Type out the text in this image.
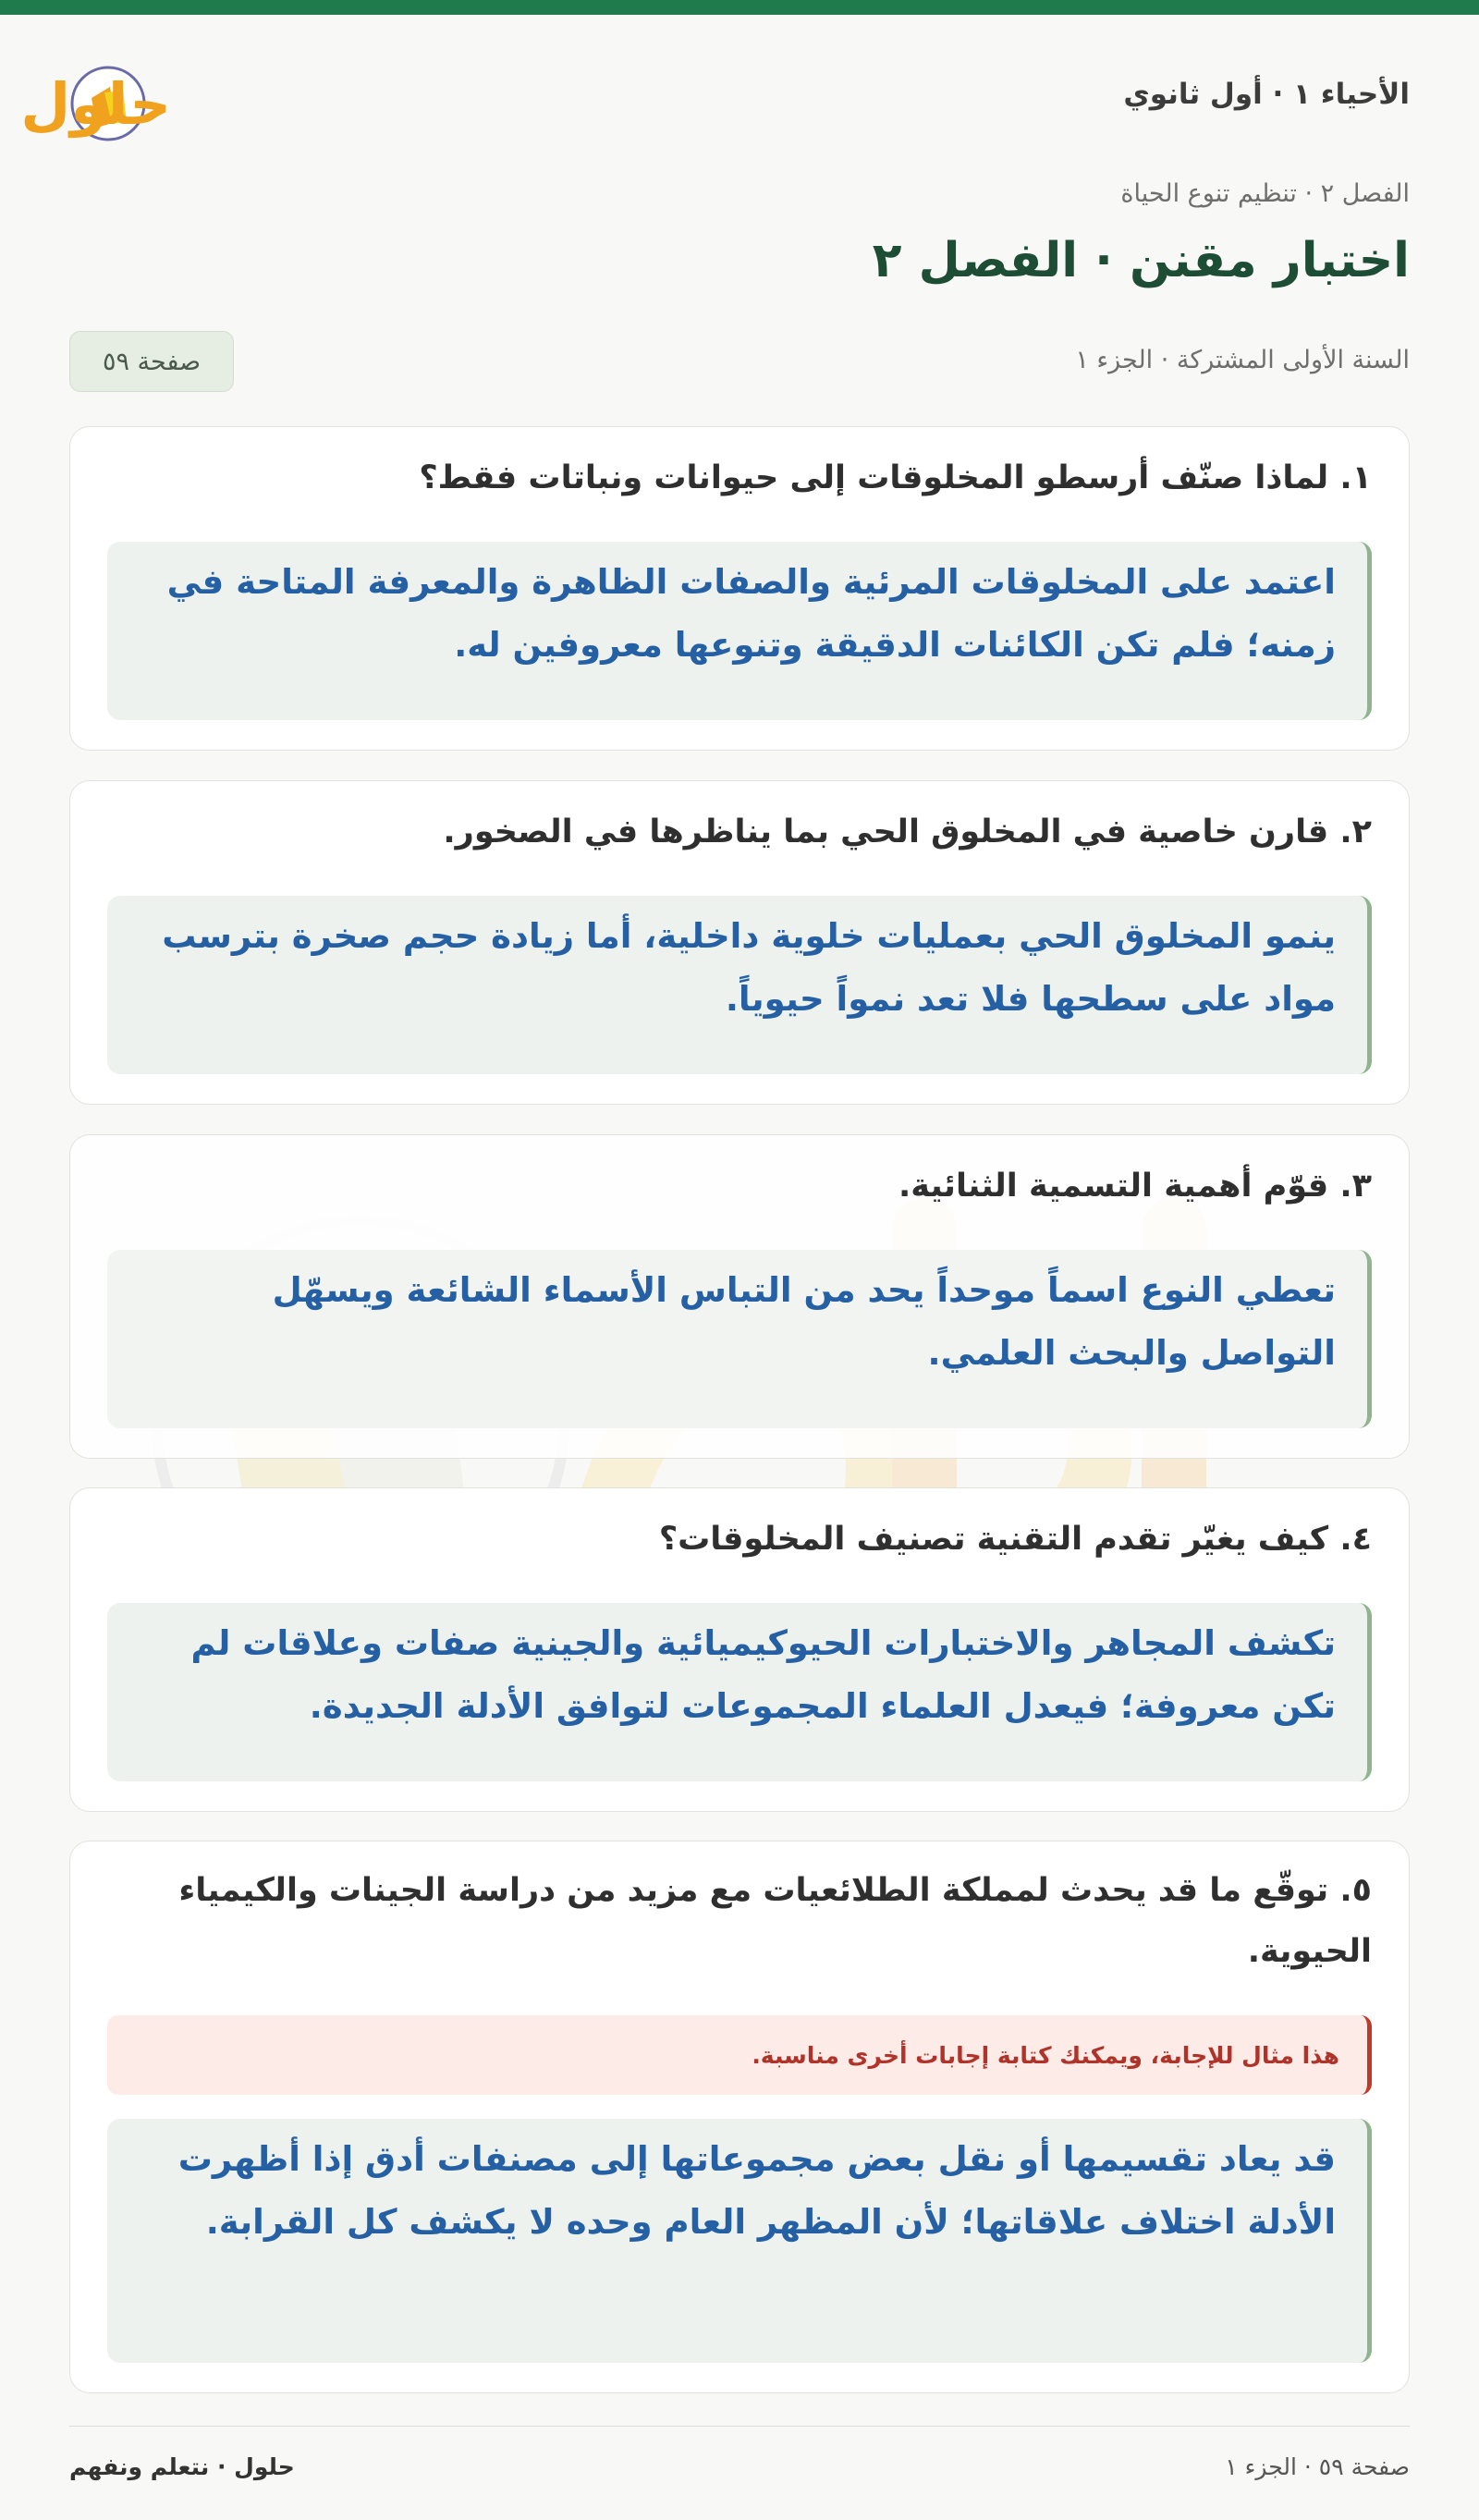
الأحياء ١ · أول ثانوي
حلول
الفصل ٢ · تنظيم تنوع الحياة
اختبار مقنن · الفصل ٢
السنة الأولى المشتركة · الجزء ١
صفحة ٥٩
١. لماذا صنّف أرسطو المخلوقات إلى حيوانات ونباتات فقط؟
اعتمد على المخلوقات المرئية والصفات الظاهرة والمعرفة المتاحة في زمنه؛ فلم تكن الكائنات الدقيقة وتنوعها معروفين له.
٢. قارن خاصية في المخلوق الحي بما يناظرها في الصخور.
ينمو المخلوق الحي بعمليات خلوية داخلية، أما زيادة حجم صخرة بترسب مواد على سطحها فلا تعد نمواً حيوياً.
٣. قوّم أهمية التسمية الثنائية.
تعطي النوع اسماً موحداً يحد من التباس الأسماء الشائعة ويسهّل التواصل والبحث العلمي.
٤. كيف يغيّر تقدم التقنية تصنيف المخلوقات؟
تكشف المجاهر والاختبارات الحيوكيميائية والجينية صفات وعلاقات لم تكن معروفة؛ فيعدل العلماء المجموعات لتوافق الأدلة الجديدة.
٥. توقّع ما قد يحدث لمملكة الطلائعيات مع مزيد من دراسة الجينات والكيمياء الحيوية.
هذا مثال للإجابة، ويمكنك كتابة إجابات أخرى مناسبة.
قد يعاد تقسيمها أو نقل بعض مجموعاتها إلى مصنفات أدق إذا أظهرت الأدلة اختلاف علاقاتها؛ لأن المظهر العام وحده لا يكشف كل القرابة.
صفحة ٥٩ · الجزء ١
حلول · نتعلم ونفهم
